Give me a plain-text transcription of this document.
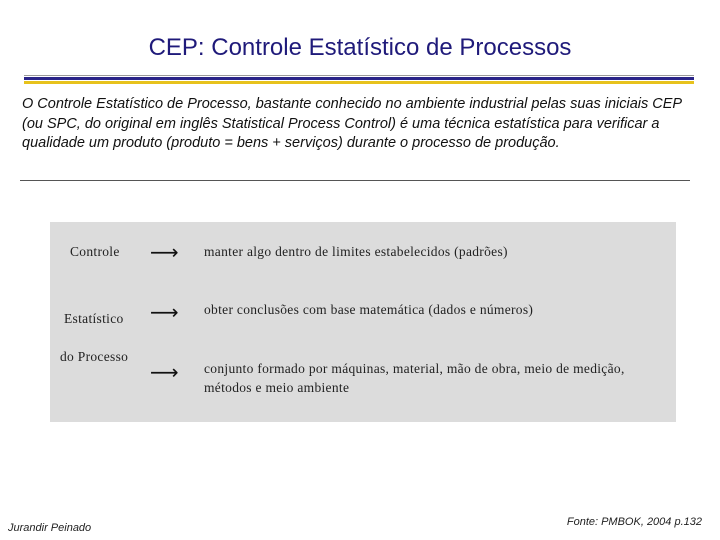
CEP: Controle Estatístico de Processos
O Controle Estatístico de Processo, bastante conhecido no ambiente industrial pelas suas iniciais CEP (ou SPC, do original em inglês Statistical Process Control) é uma técnica estatística para verificar a qualidade um produto (produto = bens + serviços) durante o processo de produção.
Controle ⟶ manter algo dentro de limites estabelecidos (padrões)
Estatístico ⟶ obter conclusões com base matemática (dados e números)
do Processo
⟶ conjunto formado por máquinas, material, mão de obra, meio de medição, métodos e meio ambiente
Jurandir Peinado	Fonte: PMBOK, 2004 p.132
